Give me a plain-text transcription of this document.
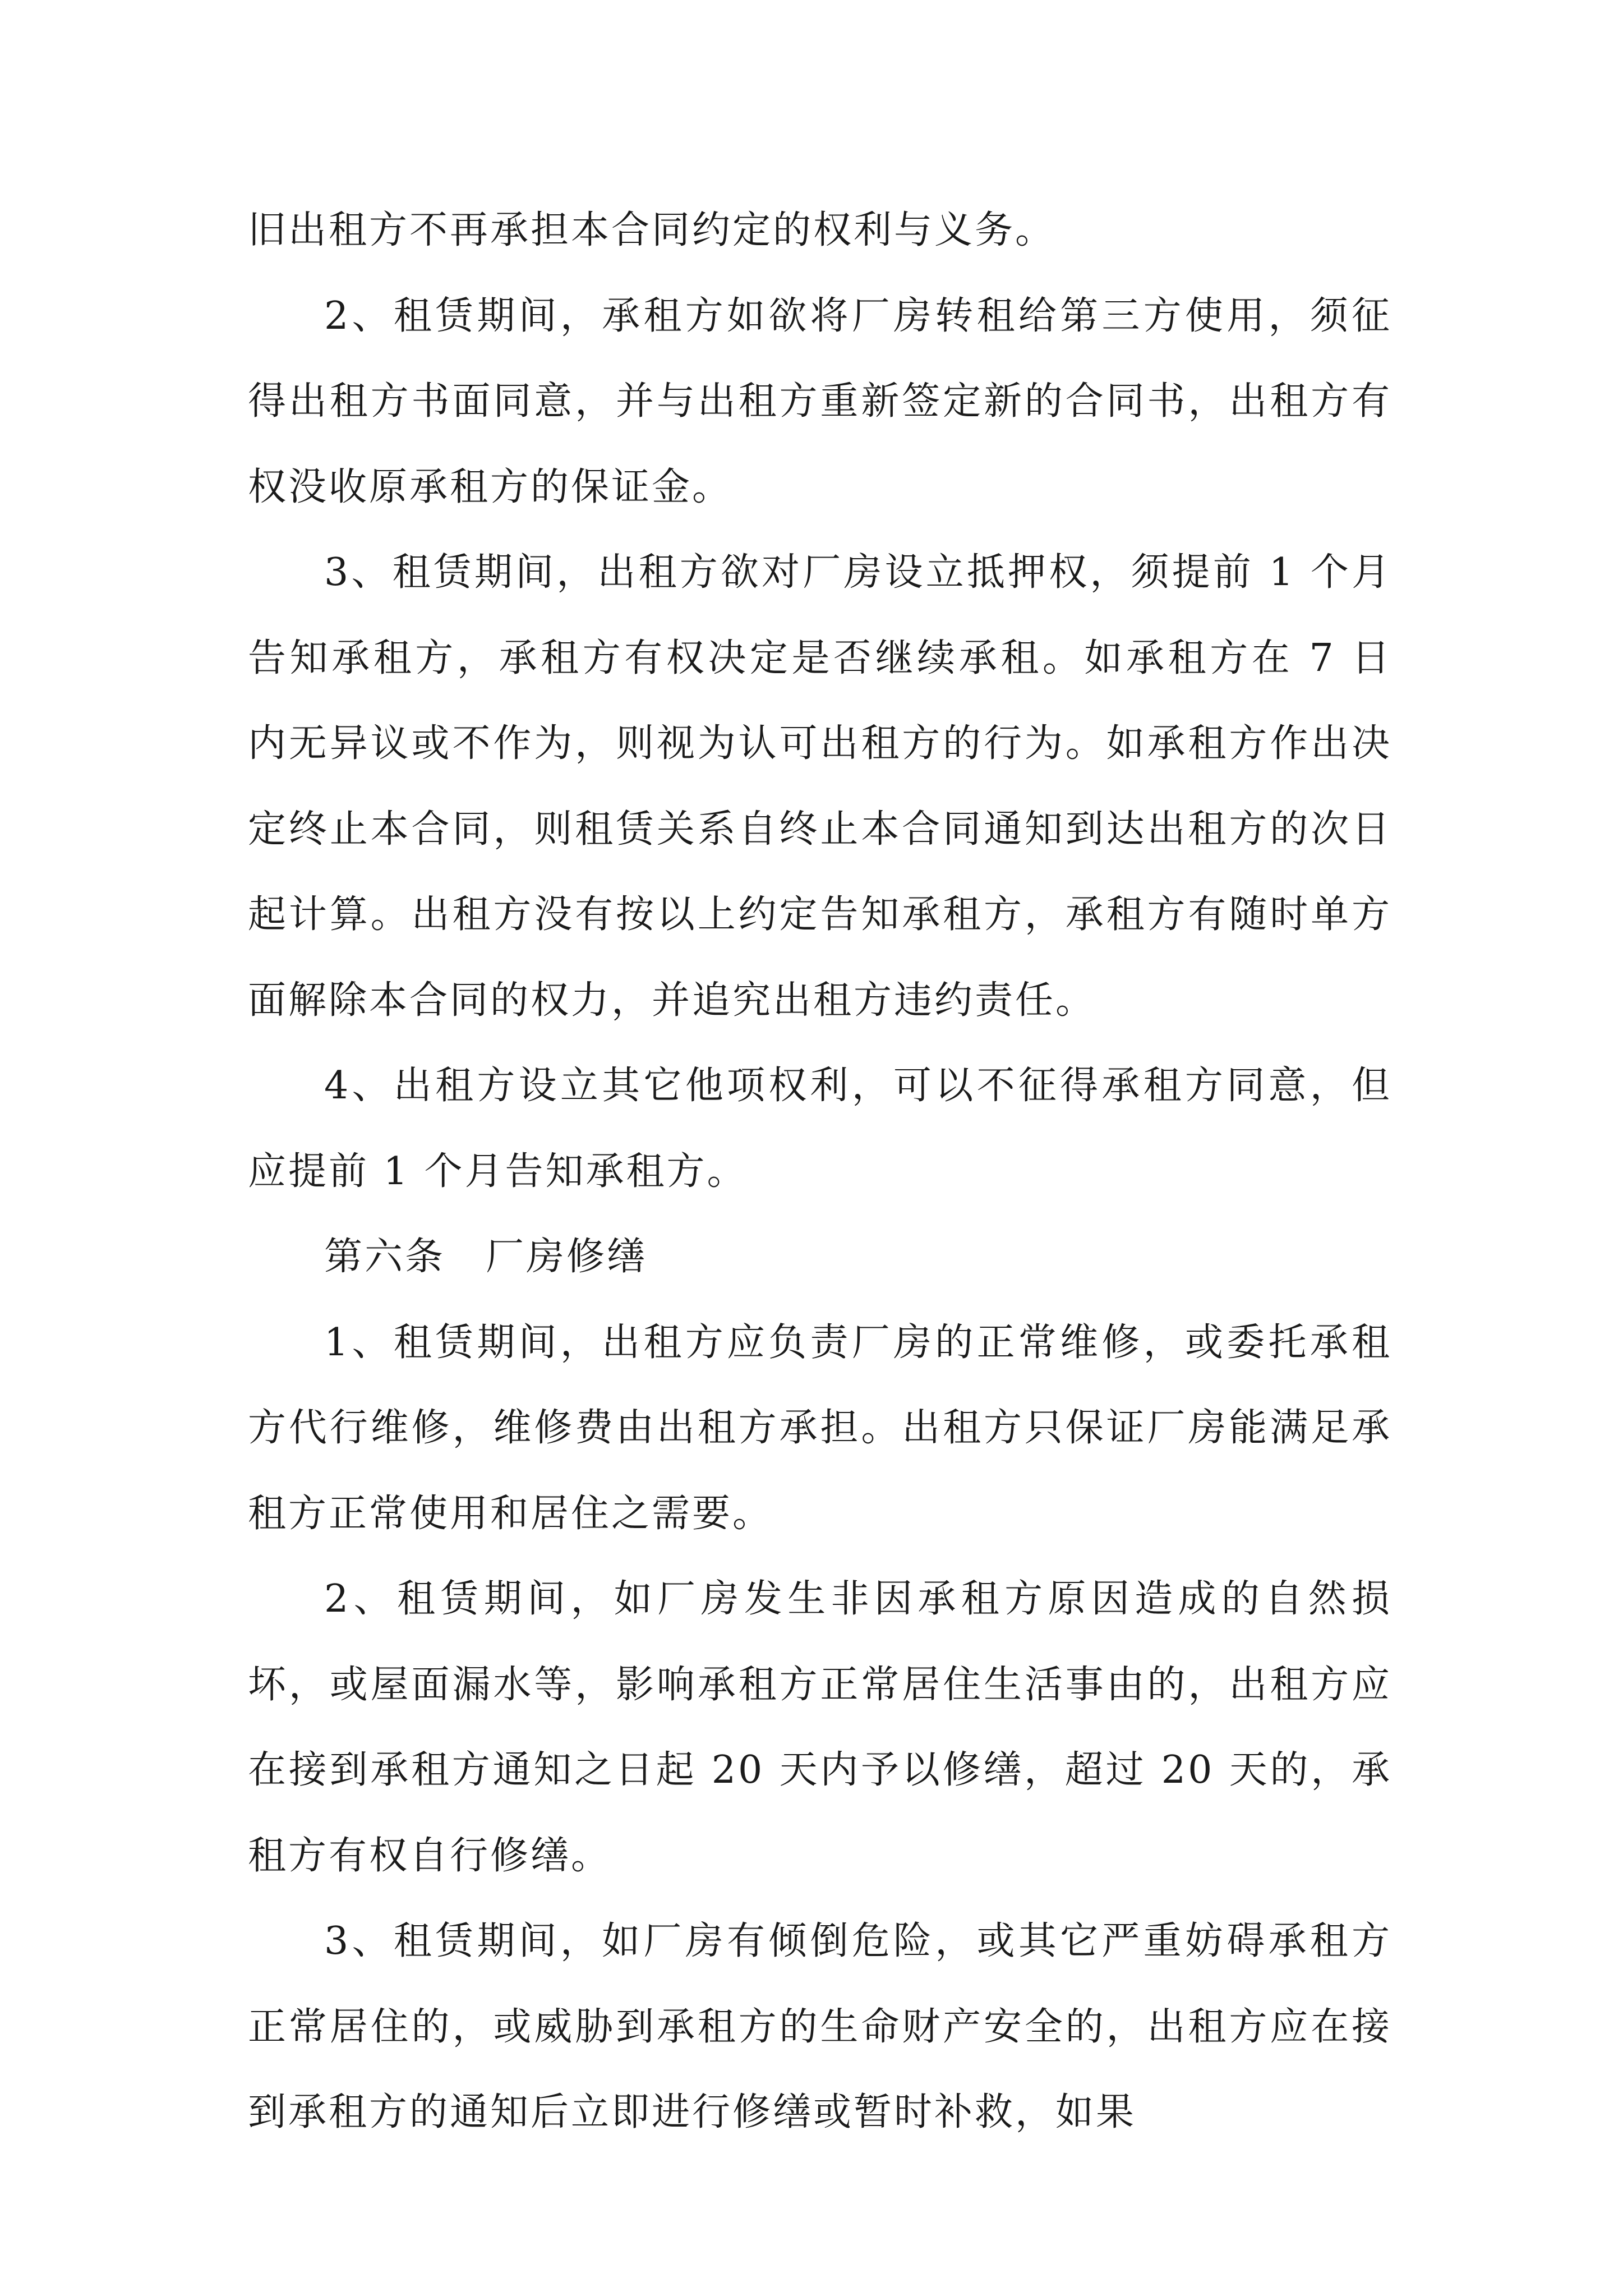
旧出租方不再承担本合同约定的权利与义务。

2、租赁期间，承租方如欲将厂房转租给第三方使用，须征得出租方书面同意，并与出租方重新签定新的合同书，出租方有权没收原承租方的保证金。

3、租赁期间，出租方欲对厂房设立抵押权，须提前 1 个月告知承租方，承租方有权决定是否继续承租。如承租方在 7 日内无异议或不作为，则视为认可出租方的行为。如承租方作出决定终止本合同，则租赁关系自终止本合同通知到达出租方的次日起计算。出租方没有按以上约定告知承租方，承租方有随时单方面解除本合同的权力，并追究出租方违约责任。

4、出租方设立其它他项权利，可以不征得承租方同意，但应提前 1 个月告知承租方。

第六条　厂房修缮

1、租赁期间，出租方应负责厂房的正常维修，或委托承租方代行维修，维修费由出租方承担。出租方只保证厂房能满足承租方正常使用和居住之需要。

2、租赁期间，如厂房发生非因承租方原因造成的自然损坏，或屋面漏水等，影响承租方正常居住生活事由的，出租方应在接到承租方通知之日起 20 天内予以修缮，超过 20 天的，承租方有权自行修缮。

3、租赁期间，如厂房有倾倒危险，或其它严重妨碍承租方正常居住的，或威胁到承租方的生命财产安全的，出租方应在接到承租方的通知后立即进行修缮或暂时补救，如果
